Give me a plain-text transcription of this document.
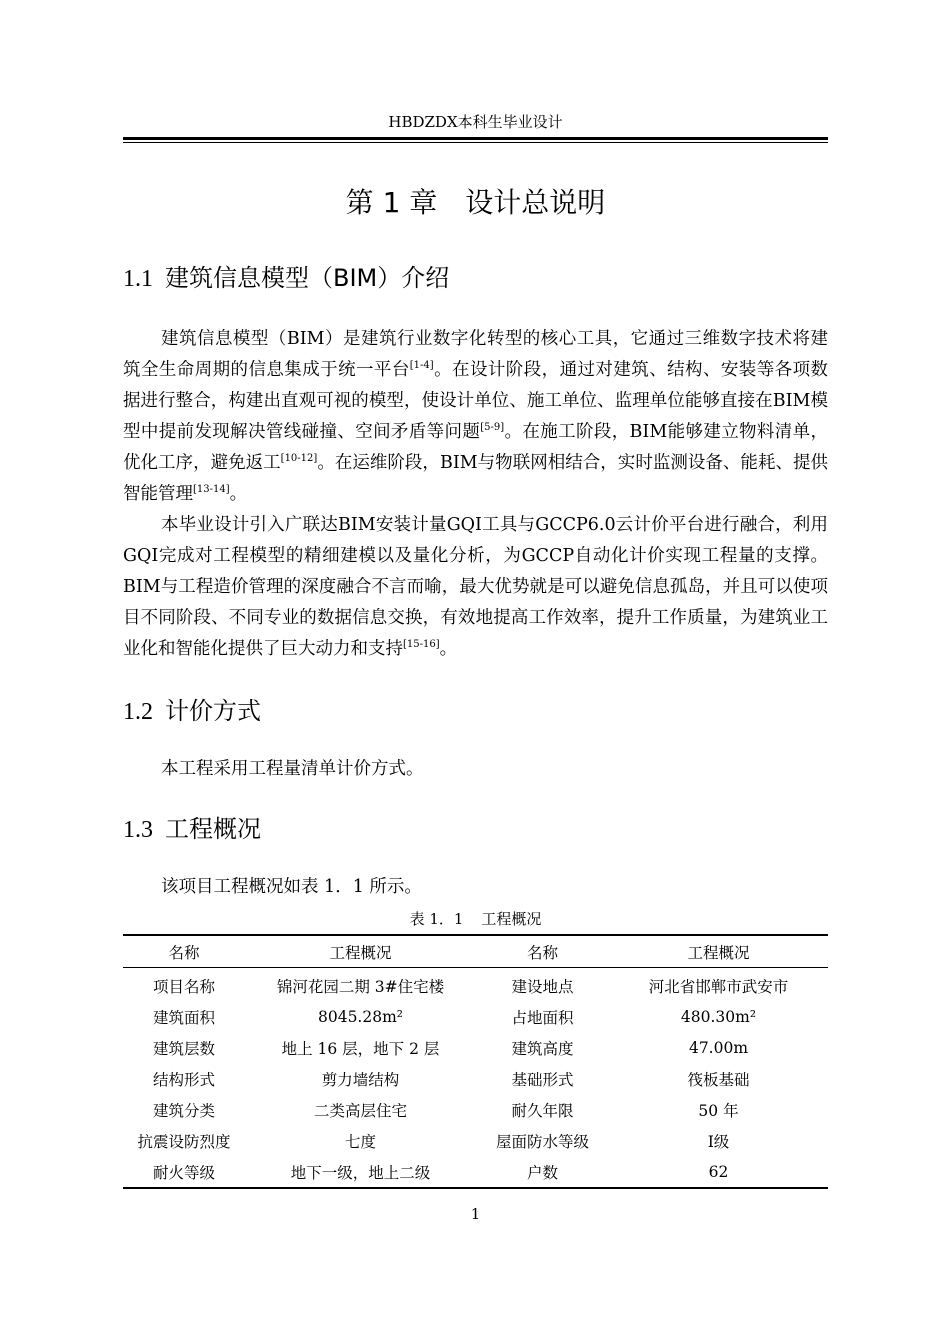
HBDZDX本科生毕业设计
第 1 章 设计总说明
1.1 建筑信息模型（BIM）介绍

建筑信息模型（BIM）是建筑行业数字化转型的核心工具，它通过三维数字技术将建筑全生命周期的信息集成于统一平台[1-4]。在设计阶段，通过对建筑、结构、安装等各项数据进行整合，构建出直观可视的模型，使设计单位、施工单位、监理单位能够直接在BIM模型中提前发现解决管线碰撞、空间矛盾等问题[5-9]。在施工阶段，BIM能够建立物料清单，优化工序，避免返工[10-12]。在运维阶段，BIM与物联网相结合，实时监测设备、能耗、提供智能管理[13-14]。

本毕业设计引入广联达BIM安装计量GQI工具与GCCP6.0云计价平台进行融合，利用GQI完成对工程模型的精细建模以及量化分析，为GCCP自动化计价实现工程量的支撑。BIM与工程造价管理的深度融合不言而喻，最大优势就是可以避免信息孤岛，并且可以使项目不同阶段、不同专业的数据信息交换，有效地提高工作效率，提升工作质量，为建筑业工业化和智能化提供了巨大动力和支持[15-16]。

1.2 计价方式

本工程采用工程量清单计价方式。

1.3 工程概况

该项目工程概况如表 1．1 所示。

表 1．1 工程概况
名称	工程概况	名称	工程概况
项目名称	锦河花园二期 3#住宅楼	建设地点	河北省邯郸市武安市
建筑面积	8045.28m²	占地面积	480.30m²
建筑层数	地上 16 层，地下 2 层	建筑高度	47.00m
结构形式	剪力墙结构	基础形式	筏板基础
建筑分类	二类高层住宅	耐久年限	50 年
抗震设防烈度	七度	屋面防水等级	Ⅰ级
耐火等级	地下一级，地上二级	户数	62
1
